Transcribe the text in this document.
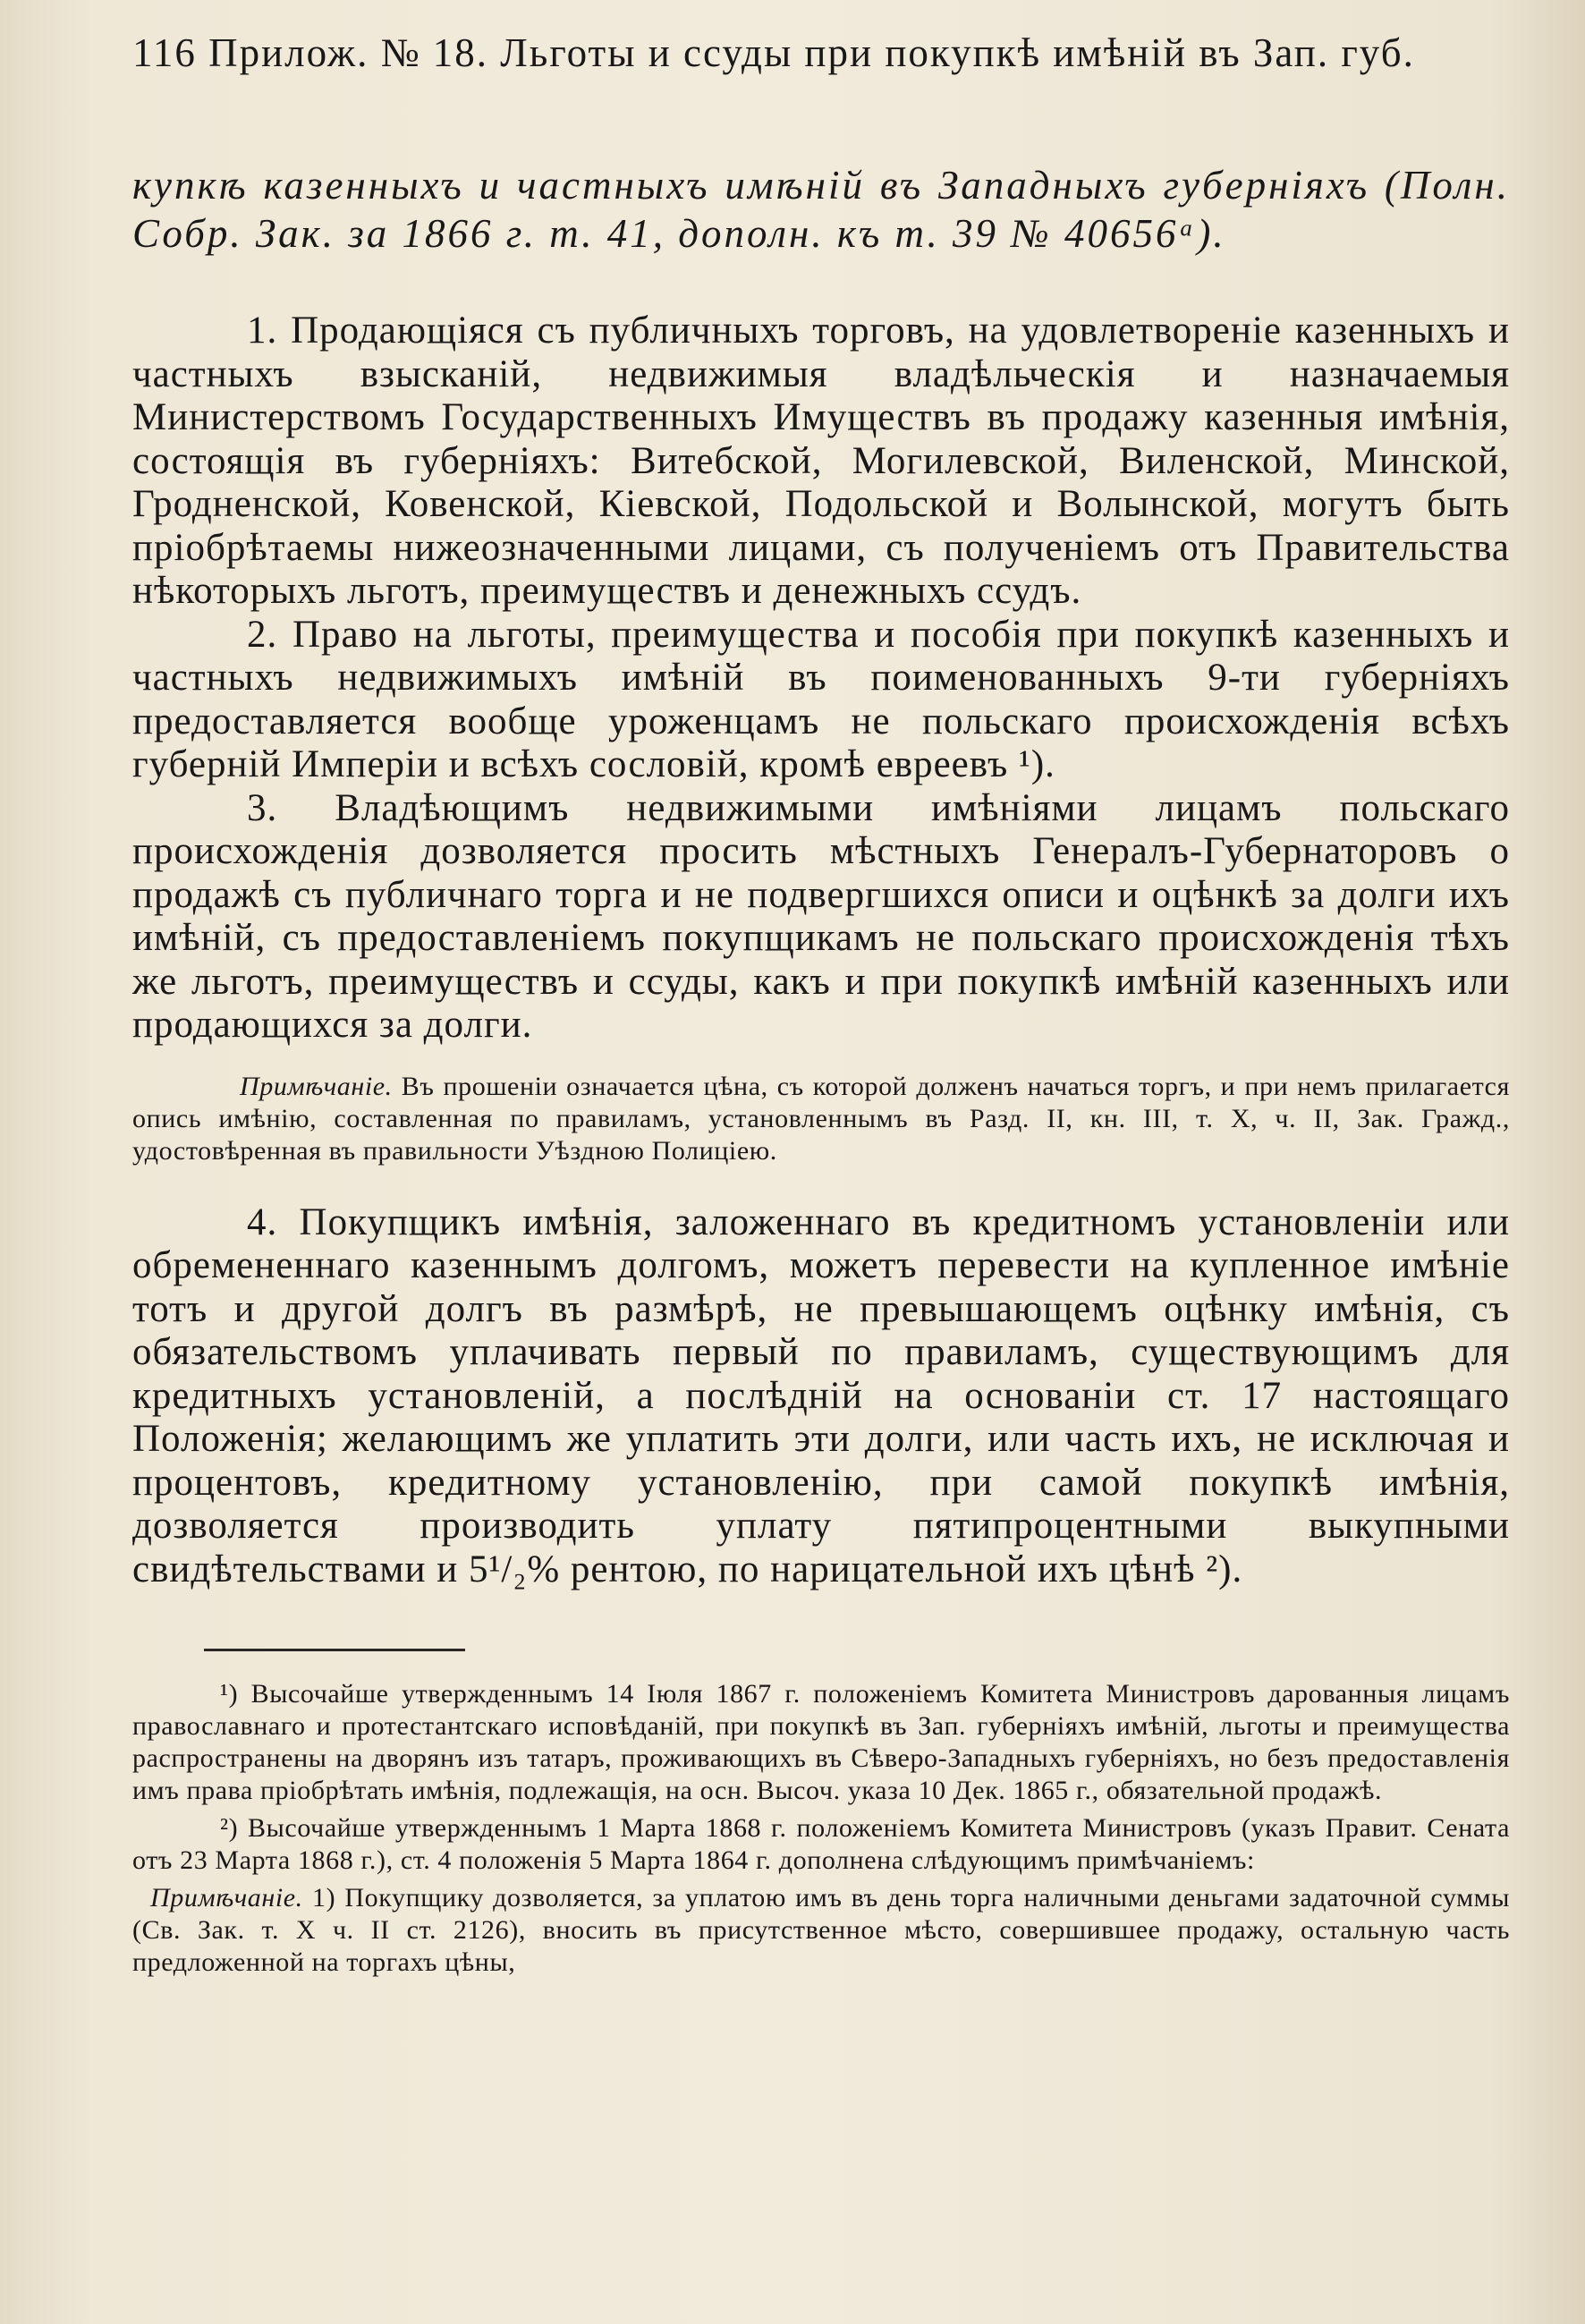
116 Прилож. № 18. Льготы и ссуды при покупкѣ имѣній въ Зап. губ.

купкѣ казенныхъ и частныхъ имѣній въ Западныхъ губерніяхъ (Полн. Собр. Зак. за 1866 г. т. 41, дополн. къ т. 39 № 40656ᵃ).

1. Продающіяся съ публичныхъ торговъ, на удовлетвореніе казенныхъ и частныхъ взысканій, недвижимыя владѣльческія и назначаемыя Министерствомъ Государственныхъ Имуществъ въ продажу казенныя имѣнія, состоящія въ губерніяхъ: Витебской, Могилевской, Виленской, Минской, Гродненской, Ковенской, Кіевской, Подольской и Волынской, могутъ быть пріобрѣтаемы нижеозначенными лицами, съ полученіемъ отъ Правительства нѣкоторыхъ льготъ, преимуществъ и денежныхъ ссудъ.

2. Право на льготы, преимущества и пособія при покупкѣ казенныхъ и частныхъ недвижимыхъ имѣній въ поименованныхъ 9-ти губерніяхъ предоставляется вообще уроженцамъ не польскаго происхожденія всѣхъ губерній Имперіи и всѣхъ сословій, кромѣ евреевъ ¹).

3. Владѣющимъ недвижимыми имѣніями лицамъ польскаго происхожденія дозволяется просить мѣстныхъ Генералъ-Губернаторовъ о продажѣ съ публичнаго торга и не подвергшихся описи и оцѣнкѣ за долги ихъ имѣній, съ предоставленіемъ покупщикамъ не польскаго происхожденія тѣхъ же льготъ, преимуществъ и ссуды, какъ и при покупкѣ имѣній казенныхъ или продающихся за долги.

Примѣчаніе. Въ прошеніи означается цѣна, съ которой долженъ начаться торгъ, и при немъ прилагается опись имѣнію, составленная по правиламъ, установленнымъ въ Разд. II, кн. III, т. X, ч. II, Зак. Гражд., удостовѣренная въ правильности Уѣздною Полиціею.

4. Покупщикъ имѣнія, заложеннаго въ кредитномъ установленіи или обремененнаго казеннымъ долгомъ, можетъ перевести на купленное имѣніе тотъ и другой долгъ въ размѣрѣ, не превышающемъ оцѣнку имѣнія, съ обязательствомъ уплачивать первый по правиламъ, существующимъ для кредитныхъ установленій, а послѣдній на основаніи ст. 17 настоящаго Положенія; желающимъ же уплатить эти долги, или часть ихъ, не исключая и процентовъ, кредитному установленію, при самой покупкѣ имѣнія, дозволяется производить уплату пятипроцентными выкупными свидѣтельствами и 5¹/₂% рентою, по нарицательной ихъ цѣнѣ ²).

¹) Высочайше утвержденнымъ 14 Іюля 1867 г. положеніемъ Комитета Министровъ дарованныя лицамъ православнаго и протестантскаго исповѣданій, при покупкѣ въ Зап. губерніяхъ имѣній, льготы и преимущества распространены на дворянъ изъ татаръ, проживающихъ въ Сѣверо-Западныхъ губерніяхъ, но безъ предоставленія имъ права пріобрѣтать имѣнія, подлежащія, на осн. Высоч. указа 10 Дек. 1865 г., обязательной продажѣ.

²) Высочайше утвержденнымъ 1 Марта 1868 г. положеніемъ Комитета Министровъ (указъ Правит. Сената отъ 23 Марта 1868 г.), ст. 4 положенія 5 Марта 1864 г. дополнена слѣдующимъ примѣчаніемъ:

Примѣчаніе. 1) Покупщику дозволяется, за уплатою имъ въ день торга наличными деньгами задаточной суммы (Св. Зак. т. X ч. II ст. 2126), вносить въ присутственное мѣсто, совершившее продажу, остальную часть предложенной на торгахъ цѣны,
